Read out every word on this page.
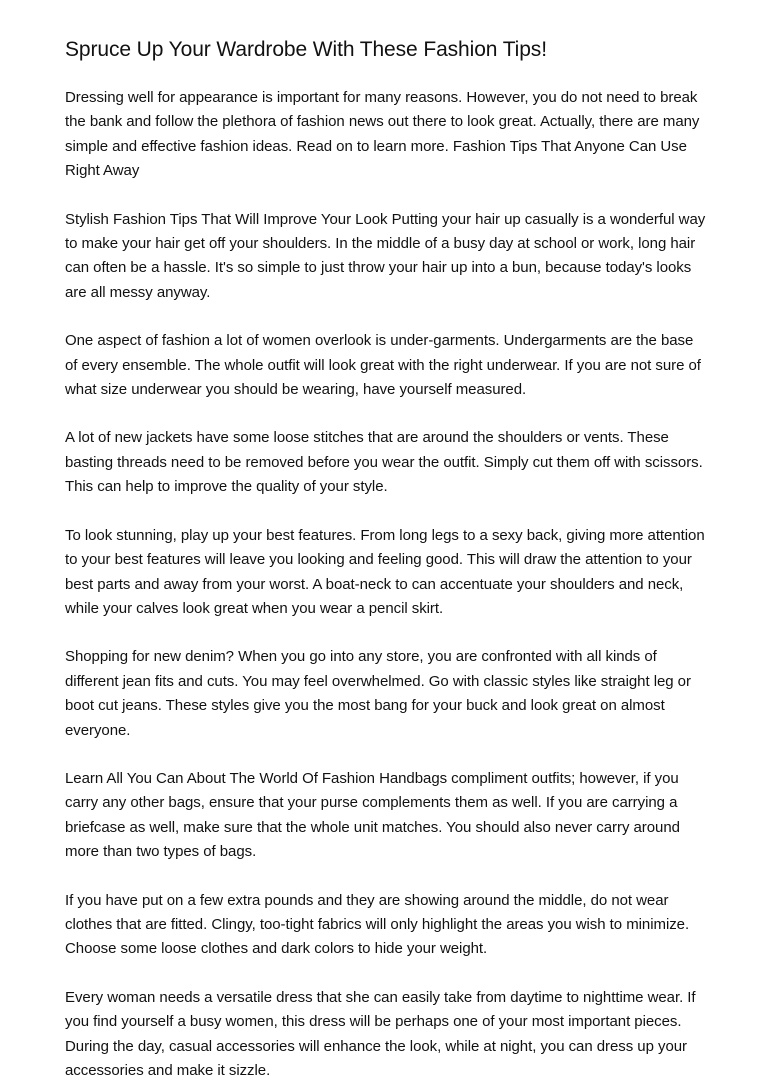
Spruce Up Your Wardrobe With These Fashion Tips!

Dressing well for appearance is important for many reasons. However, you do not need to break the bank and follow the plethora of fashion news out there to look great. Actually, there are many simple and effective fashion ideas. Read on to learn more. Fashion Tips That Anyone Can Use Right Away

Stylish Fashion Tips That Will Improve Your Look Putting your hair up casually is a wonderful way to make your hair get off your shoulders. In the middle of a busy day at school or work, long hair can often be a hassle. It's so simple to just throw your hair up into a bun, because today's looks are all messy anyway.

One aspect of fashion a lot of women overlook is under-garments. Undergarments are the base of every ensemble. The whole outfit will look great with the right underwear. If you are not sure of what size underwear you should be wearing, have yourself measured.

A lot of new jackets have some loose stitches that are around the shoulders or vents. These basting threads need to be removed before you wear the outfit. Simply cut them off with scissors. This can help to improve the quality of your style.

To look stunning, play up your best features. From long legs to a sexy back, giving more attention to your best features will leave you looking and feeling good. This will draw the attention to your best parts and away from your worst. A boat-neck to can accentuate your shoulders and neck, while your calves look great when you wear a pencil skirt.

Shopping for new denim? When you go into any store, you are confronted with all kinds of different jean fits and cuts. You may feel overwhelmed. Go with classic styles like straight leg or boot cut jeans. These styles give you the most bang for your buck and look great on almost everyone.

Learn All You Can About The World Of Fashion Handbags compliment outfits; however, if you carry any other bags, ensure that your purse complements them as well. If you are carrying a briefcase as well, make sure that the whole unit matches. You should also never carry around more than two types of bags.

If you have put on a few extra pounds and they are showing around the middle, do not wear clothes that are fitted. Clingy, too-tight fabrics will only highlight the areas you wish to minimize. Choose some loose clothes and dark colors to hide your weight.

Every woman needs a versatile dress that she can easily take from daytime to nighttime wear. If you find yourself a busy women, this dress will be perhaps one of your most important pieces. During the day, casual accessories will enhance the look, while at night, you can dress up your accessories and make it sizzle.
